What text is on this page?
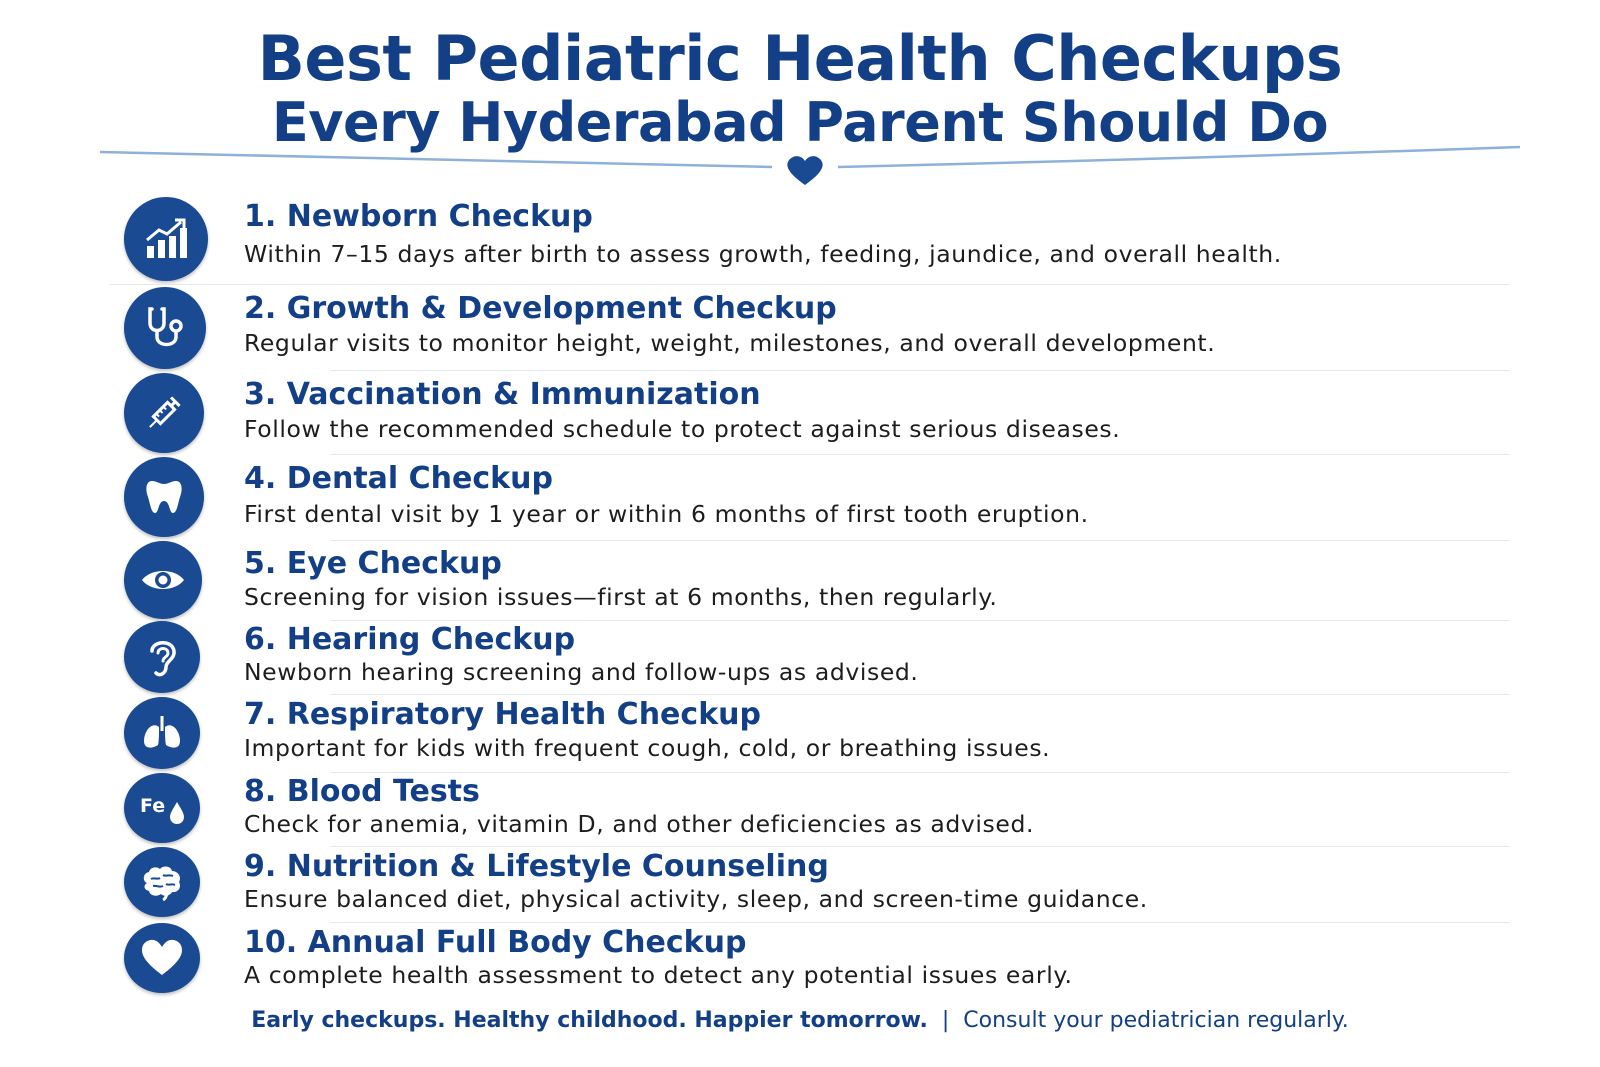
Best Pediatric Health Checkups
Every Hyderabad Parent Should Do
1. Newborn Checkup
Within 7–15 days after birth to assess growth, feeding, jaundice, and overall health.
2. Growth & Development Checkup
Regular visits to monitor height, weight, milestones, and overall development.
3. Vaccination & Immunization
Follow the recommended schedule to protect against serious diseases.
4. Dental Checkup
First dental visit by 1 year or within 6 months of first tooth eruption.
5. Eye Checkup
Screening for vision issues—first at 6 months, then regularly.
6. Hearing Checkup
Newborn hearing screening and follow-ups as advised.
7. Respiratory Health Checkup
Important for kids with frequent cough, cold, or breathing issues.
Fe	8. Blood Tests
Check for anemia, vitamin D, and other deficiencies as advised.
9. Nutrition & Lifestyle Counseling
Ensure balanced diet, physical activity, sleep, and screen-time guidance.
10. Annual Full Body Checkup
A complete health assessment to detect any potential issues early.
Early checkups. Healthy childhood. Happier tomorrow. | Consult your pediatrician regularly.
